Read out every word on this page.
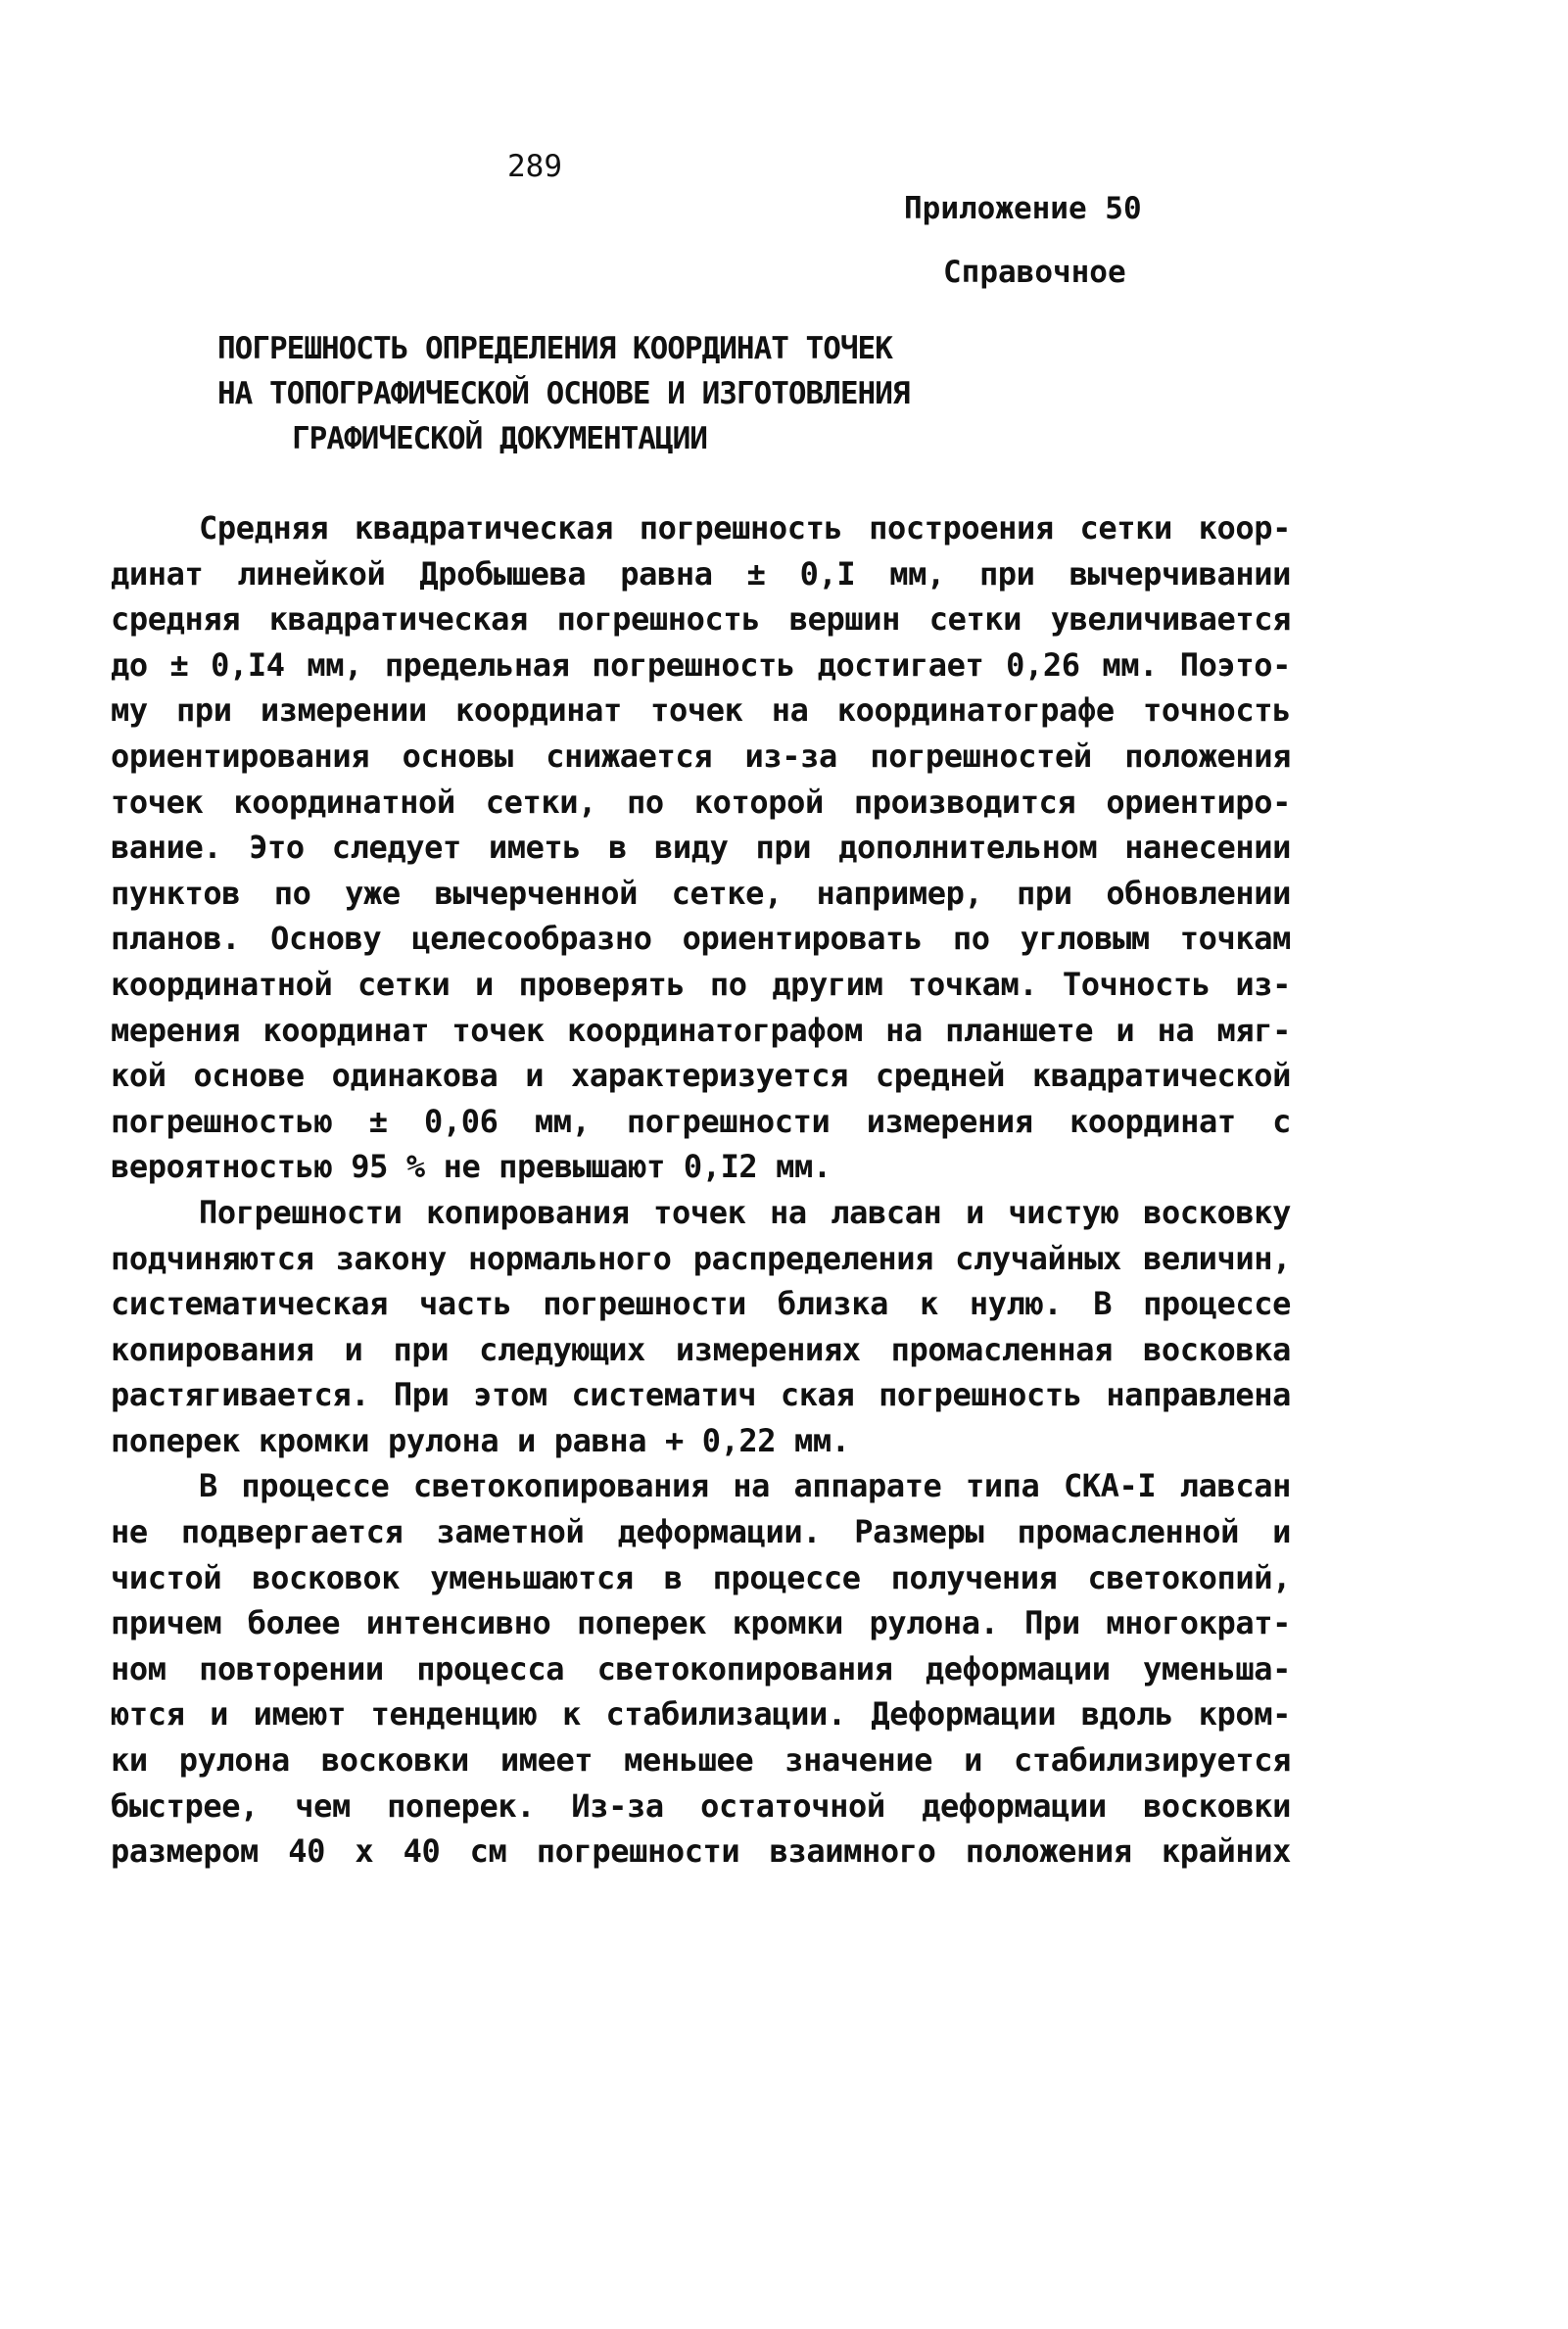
289
Приложение 50
Справочное
ПОГРЕШНОСТЬ ОПРЕДЕЛЕНИЯ КООРДИНАТ ТОЧЕК
НА ТОПОГРАФИЧЕСКОЙ ОСНОВЕ И ИЗГОТОВЛЕНИЯ
ГРАФИЧЕСКОЙ ДОКУМЕНТАЦИИ
Средняя квадратическая погрешность построения сетки коор-
динат линейкой Дробышева равна ± 0,I мм, при вычерчивании
средняя квадратическая погрешность вершин сетки увеличивается
до ± 0,I4 мм, предельная погрешность достигает 0,26 мм. Поэто-
му при измерении координат точек на координатографе точность
ориентирования основы снижается из-за погрешностей положения
точек координатной сетки, по которой производится ориентиро-
вание. Это следует иметь в виду при дополнительном нанесении
пунктов по уже вычерченной сетке, например, при обновлении
планов. Основу целесообразно ориентировать по угловым точкам
координатной сетки и проверять по другим точкам. Точность из-
мерения координат точек координатографом на планшете и на мяг-
кой основе одинакова и характеризуется средней квадратической
погрешностью ± 0,06 мм, погрешности измерения координат с
вероятностью 95 % не превышают 0,I2 мм.
Погрешности копирования точек на лавсан и чистую восковку
подчиняются закону нормального распределения случайных величин,
систематическая часть погрешности близка к нулю. В процессе
копирования и при следующих измерениях промасленная восковка
растягивается. При этом систематич ская погрешность направлена
поперек кромки рулона и равна + 0,22 мм.
В процессе светокопирования на аппарате типа СКА-I лавсан
не подвергается заметной деформации. Размеры промасленной и
чистой восковок уменьшаются в процессе получения светокопий,
причем более интенсивно поперек кромки рулона. При многократ-
ном повторении процесса светокопирования деформации уменьша-
ются и имеют тенденцию к стабилизации. Деформации вдоль кром-
ки рулона восковки имеет меньшее значение и стабилизируется
быстрее, чем поперек. Из-за остаточной деформации восковки
размером 40 х 40 см погрешности взаимного положения крайних
